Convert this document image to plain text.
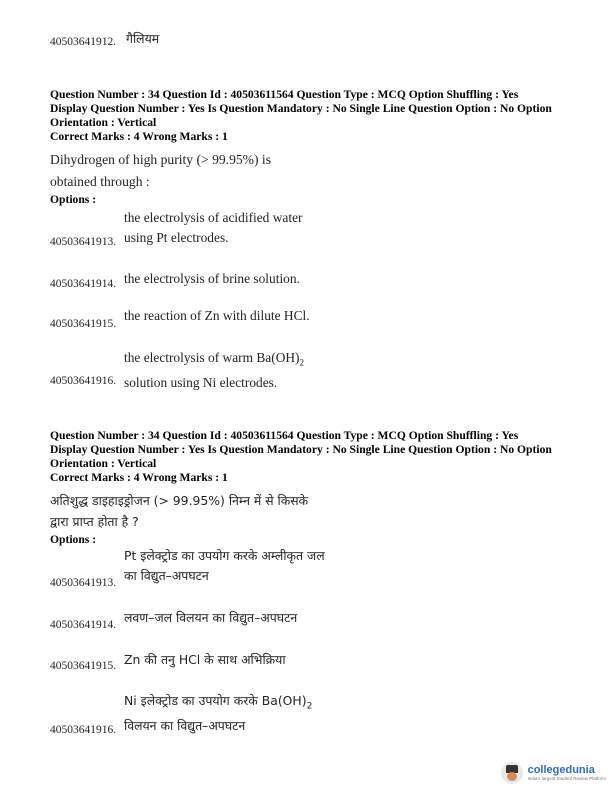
40503641912. गैलियम
Question Number : 34 Question Id : 40503611564 Question Type : MCQ Option Shuffling : Yes
Display Question Number : Yes Is Question Mandatory : No Single Line Question Option : No Option
Orientation : Vertical
Correct Marks : 4 Wrong Marks : 1
Dihydrogen of high purity (> 99.95%) is
obtained through :
Options :
the electrolysis of acidified water
using Pt electrodes.
40503641913.
the electrolysis of brine solution.
40503641914.
the reaction of Zn with dilute HCl.
40503641915.
the electrolysis of warm $Ba(OH)_2$
solution using Ni electrodes.
40503641916.
Question Number : 34 Question Id : 40503611564 Question Type : MCQ Option Shuffling : Yes
Display Question Number : Yes Is Question Mandatory : No Single Line Question Option : No Option
Orientation : Vertical
Correct Marks : 4 Wrong Marks : 1
अतिशुद्ध डाइहाइड्रोजन (> 99.95%) निम्न में से किसके
द्वारा प्राप्त होता है ?
Options :
Pt इलेक्ट्रोड का उपयोग करके अम्लीकृत जल
का विद्युत–अपघटन
40503641913.
लवण–जल विलयन का विद्युत–अपघटन
40503641914.
Zn की तनु HCl के साथ अभिक्रिया
40503641915.
Ni इलेक्ट्रोड का उपयोग करके $Ba(OH)_2$
विलयन का विद्युत–अपघटन
40503641916.
collegedunia
India's largest Student Review Platform
